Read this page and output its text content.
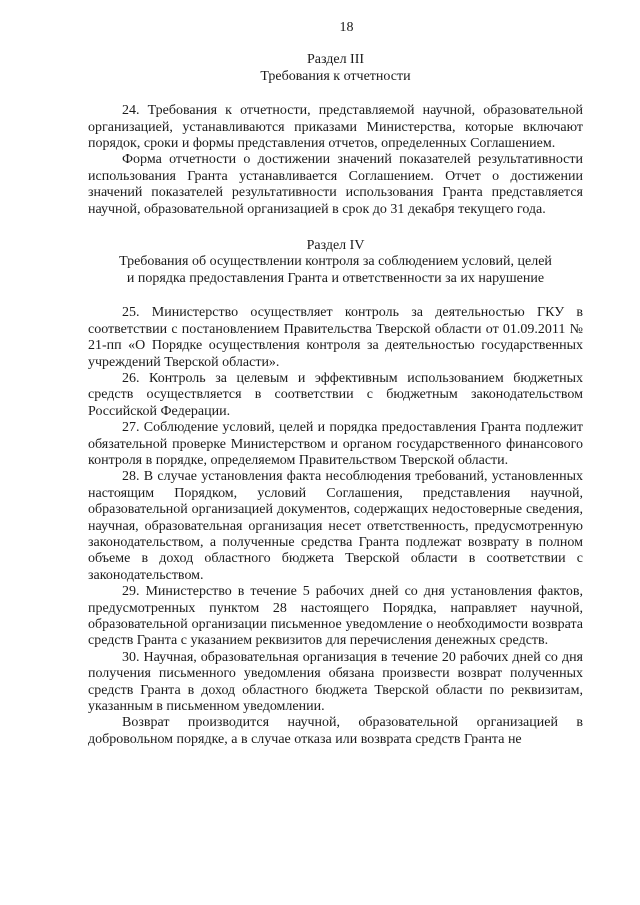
18
Раздел III
Требования к отчетности

24. Требования к отчетности, представляемой научной, образовательной организацией, устанавливаются приказами Министерства, которые включают порядок, сроки и формы представления отчетов, определенных Соглашением.

Форма отчетности о достижении значений показателей результативности использования Гранта устанавливается Соглашением. Отчет о достижении значений показателей результативности использования Гранта представляется научной, образовательной организацией в срок до 31 декабря текущего года.

Раздел IV
Требования об осуществлении контроля за соблюдением условий, целей
и порядка предоставления Гранта и ответственности за их нарушение

25. Министерство осуществляет контроль за деятельностью ГКУ в соответствии с постановлением Правительства Тверской области от 01.09.2011 № 21-пп «О Порядке осуществления контроля за деятельностью государственных учреждений Тверской области».

26. Контроль за целевым и эффективным использованием бюджетных средств осуществляется в соответствии с бюджетным законодательством Российской Федерации.

27. Соблюдение условий, целей и порядка предоставления Гранта подлежит обязательной проверке Министерством и органом государственного финансового контроля в порядке, определяемом Правительством Тверской области.

28. В случае установления факта несоблюдения требований, установленных настоящим Порядком, условий Соглашения, представления научной, образовательной организацией документов, содержащих недостоверные сведения, научная, образовательная организация несет ответственность, предусмотренную законодательством, а полученные средства Гранта подлежат возврату в полном объеме в доход областного бюджета Тверской области в соответствии с законодательством.

29. Министерство в течение 5 рабочих дней со дня установления фактов, предусмотренных пунктом 28 настоящего Порядка, направляет научной, образовательной организации письменное уведомление о необходимости возврата средств Гранта с указанием реквизитов для перечисления денежных средств.

30. Научная, образовательная организация в течение 20 рабочих дней со дня получения письменного уведомления обязана произвести возврат полученных средств Гранта в доход областного бюджета Тверской области по реквизитам, указанным в письменном уведомлении.

Возврат производится научной, образовательной организацией в добровольном порядке, а в случае отказа или возврата средств Гранта не
